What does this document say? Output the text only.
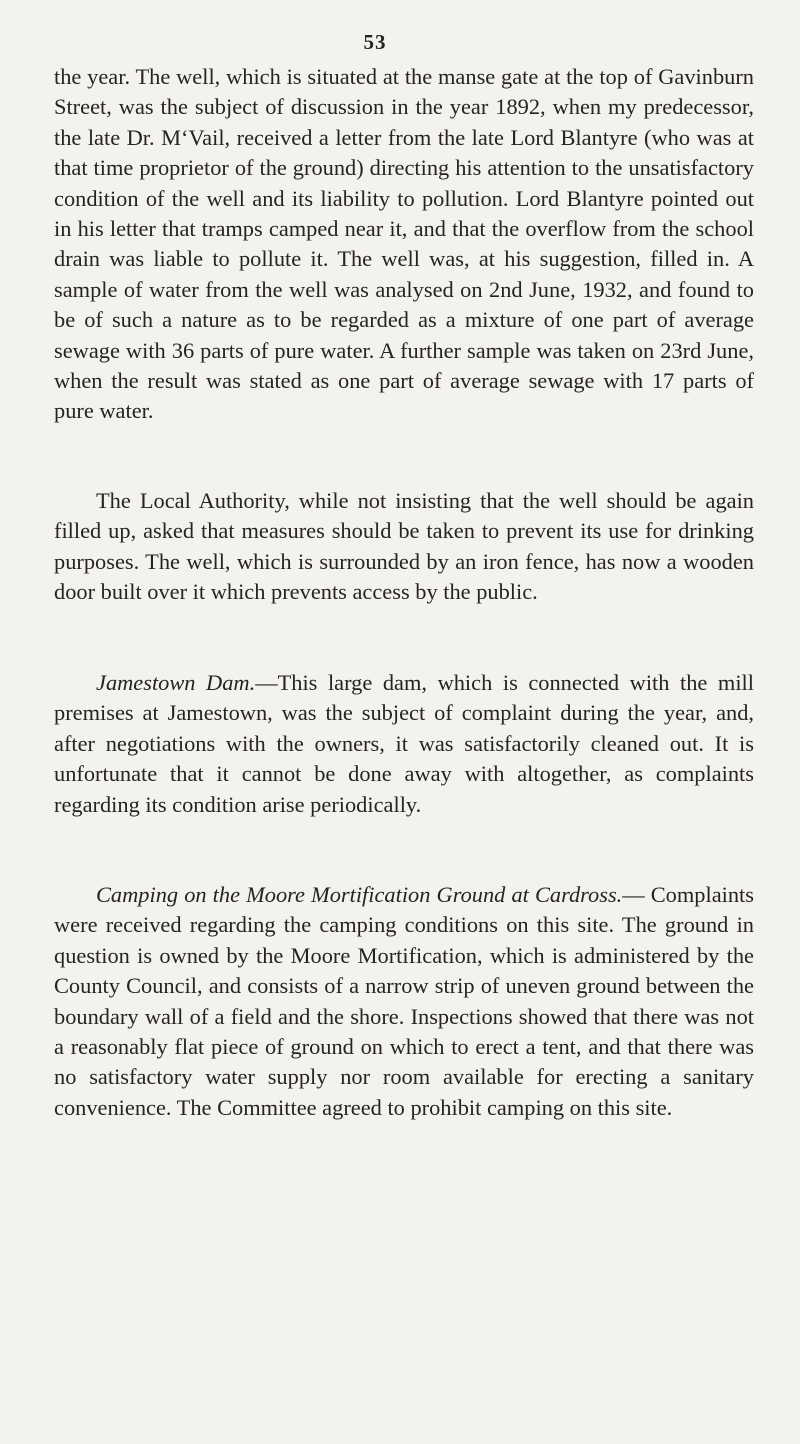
53

the year. The well, which is situated at the manse gate at the top of Gavinburn Street, was the subject of discussion in the year 1892, when my predecessor, the late Dr. M‘Vail, received a letter from the late Lord Blantyre (who was at that time proprietor of the ground) directing his attention to the unsatisfactory condition of the well and its liability to pollution. Lord Blantyre pointed out in his letter that tramps camped near it, and that the overflow from the school drain was liable to pollute it. The well was, at his suggestion, filled in. A sample of water from the well was analysed on 2nd June, 1932, and found to be of such a nature as to be regarded as a mixture of one part of average sewage with 36 parts of pure water. A further sample was taken on 23rd June, when the result was stated as one part of average sewage with 17 parts of pure water.

The Local Authority, while not insisting that the well should be again filled up, asked that measures should be taken to prevent its use for drinking purposes. The well, which is surrounded by an iron fence, has now a wooden door built over it which prevents access by the public.

Jamestown Dam.—This large dam, which is connected with the mill premises at Jamestown, was the subject of complaint during the year, and, after negotiations with the owners, it was satisfactorily cleaned out. It is unfortunate that it cannot be done away with altogether, as complaints regarding its condition arise periodically.

Camping on the Moore Mortification Ground at Cardross.— Complaints were received regarding the camping conditions on this site. The ground in question is owned by the Moore Mortification, which is administered by the County Council, and consists of a narrow strip of uneven ground between the boundary wall of a field and the shore. Inspections showed that there was not a reasonably flat piece of ground on which to erect a tent, and that there was no satisfactory water supply nor room available for erecting a sanitary convenience. The Committee agreed to prohibit camping on this site.
